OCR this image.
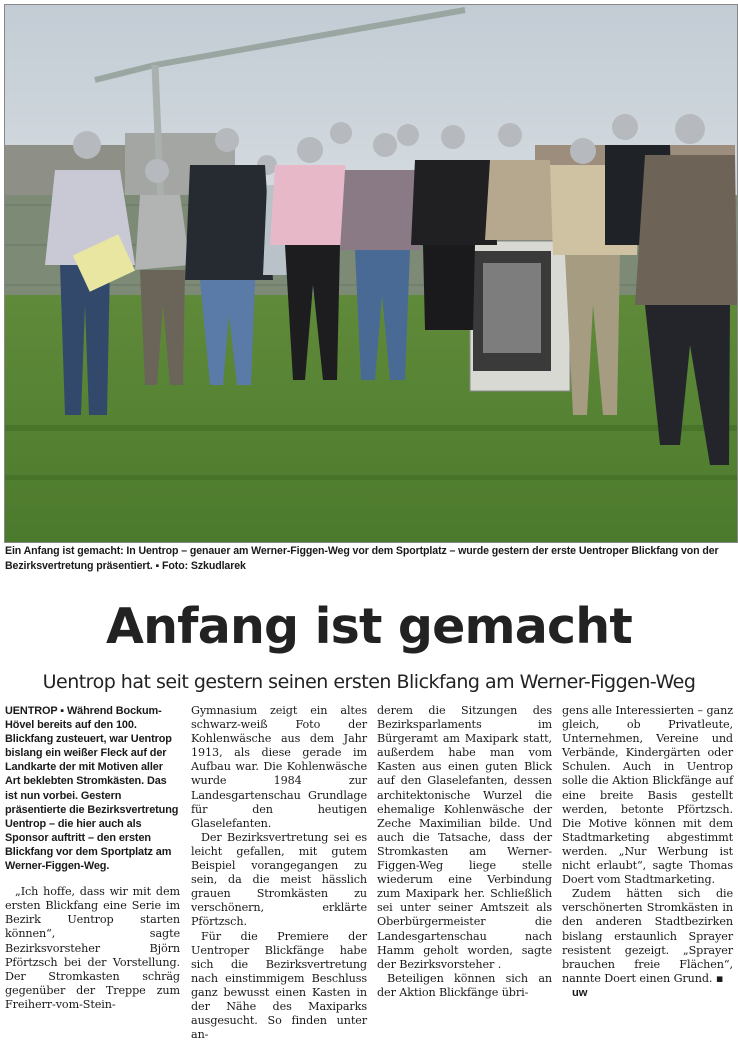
Ein Anfang ist gemacht: In Uentrop – genauer am Werner-Figgen-Weg vor dem Sportplatz – wurde gestern der erste Uentroper Blickfang von der Bezirksvertretung präsentiert. ▪ Foto: Szkudlarek
Anfang ist gemacht
Uentrop hat seit gestern seinen ersten Blickfang am Werner-Figgen-Weg

UENTROP ▪ Während Bockum-Hövel bereits auf den 100. Blickfang zusteuert, war Uentrop bislang ein weißer Fleck auf der Landkarte der mit Motiven aller Art beklebten Stromkästen. Das ist nun vorbei. Gestern präsentierte die Bezirksvertretung Uentrop – die hier auch als Sponsor auftritt – den ersten Blickfang vor dem Sportplatz am Werner-Figgen-Weg.

„Ich hoffe, dass wir mit dem ersten Blickfang eine Serie im Bezirk Uentrop starten können“, sagte Bezirksvorsteher Björn Pförtzsch bei der Vorstellung. Der Stromkasten schräg gegenüber der Treppe zum Freiherr-vom-Stein-

Gymnasium zeigt ein altes schwarz-weiß Foto der Kohlenwäsche aus dem Jahr 1913, als diese gerade im Aufbau war. Die Kohlenwäsche wurde 1984 zur Landesgartenschau Grundlage für den heutigen Glaselefanten.

Der Bezirksvertretung sei es leicht gefallen, mit gutem Beispiel vorangegangen zu sein, da die meist hässlich grauen Stromkästen zu verschönern, erklärte Pförtzsch.

Für die Premiere der Uentroper Blickfänge habe sich die Bezirksvertretung nach einstimmigem Beschluss ganz bewusst einen Kasten in der Nähe des Maxiparks ausgesucht. So finden unter an-

derem die Sitzungen des Bezirksparlaments im Bürgeramt am Maxipark statt, außerdem habe man vom Kasten aus einen guten Blick auf den Glaselefanten, dessen architektonische Wurzel die ehemalige Kohlenwäsche der Zeche Maximilian bilde. Und auch die Tatsache, dass der Stromkasten am Werner-Figgen-Weg liege stelle wiederum eine Verbindung zum Maxipark her. Schließlich sei unter seiner Amtszeit als Oberbürgermeister die Landesgartenschau nach Hamm geholt worden, sagte der Bezirksvorsteher .

Beteiligen können sich an der Aktion Blickfänge übri-

gens alle Interessierten – ganz gleich, ob Privatleute, Unternehmen, Vereine und Verbände, Kindergärten oder Schulen. Auch in Uentrop solle die Aktion Blickfänge auf eine breite Basis gestellt werden, betonte Pförtzsch. Die Motive können mit dem Stadtmarketing abgestimmt werden. „Nur Werbung ist nicht erlaubt“, sagte Thomas Doert vom Stadtmarketing.

Zudem hätten sich die verschönerten Stromkästen in den anderen Stadtbezirken bislang erstaunlich Sprayer resistent gezeigt. „Sprayer brauchen freie Flächen“, nannte Doert einen Grund. ▪

uw
